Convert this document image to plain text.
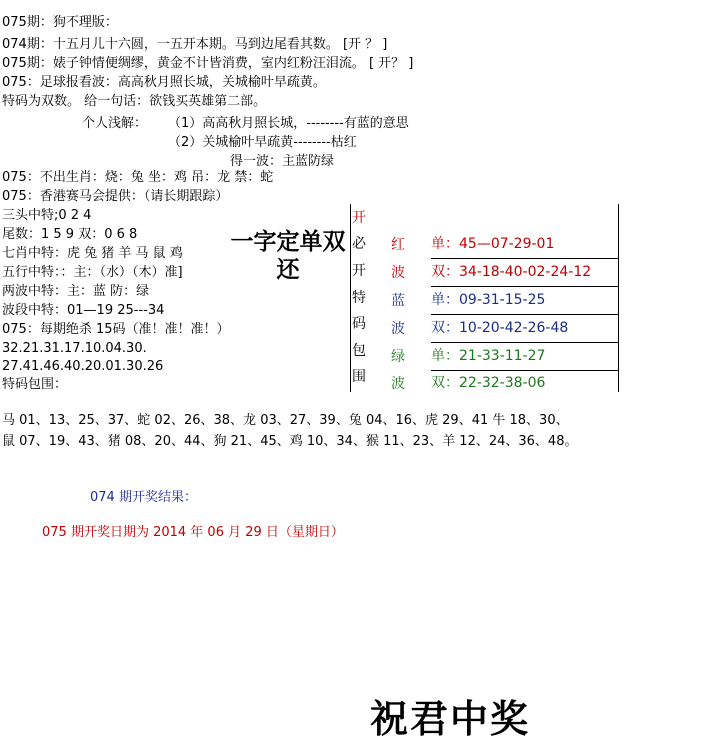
075期：狗不理版：
074期：十五月儿十六圆，一五开本期。马到边尾看其数。 [开 ？ ]
075期：婊子钟情便绸缪，黄金不计皆消费，室内红粉汪泪流。 [ 开？ ]
075：足球报看波：高高秋月照长城，关城榆叶早疏黄。
特码为双数。 给一句话：欲钱买英雄第二部。
个人浅解： （1）高高秋月照长城，--------有蓝的意思
（2）关城榆叶早疏黄--------枯红
得一波：主蓝防绿
075：不出生肖：烧：兔 坐：鸡 吊：龙 禁：蛇
075：香港赛马会提供：（请长期跟踪）
三头中特;0 2 4
尾数：1 5 9 双：0 6 8
七肖中特：虎 兔 猪 羊 马 鼠 鸡
五行中特：：主：（水）（木）准]
两波中特：主：蓝 防：绿
波段中特：01—19 25---34
075：每期绝杀 15码（准！准！准！）
32.21.31.17.10.04.30.
27.41.46.40.20.01.30.26
特码包围：
一字定单双
还
开
必
开
特
码
包
围
红
波
蓝
波
绿
波
单：45—07-29-01
双：34-18-40-02-24-12
单：09-31-15-25
双：10-20-42-26-48
单：21-33-11-27
双：22-32-38-06
马 01、13、25、37、蛇 02、26、38、龙 03、27、39、兔 04、16、虎 29、41 牛 18、30、
鼠 07、19、43、猪 08、20、44、狗 21、45、鸡 10、34、猴 11、23、羊 12、24、36、48。
074 期开奖结果：
075 期开奖日期为 2014 年 06 月 29 日（星期日）
祝君中奖
